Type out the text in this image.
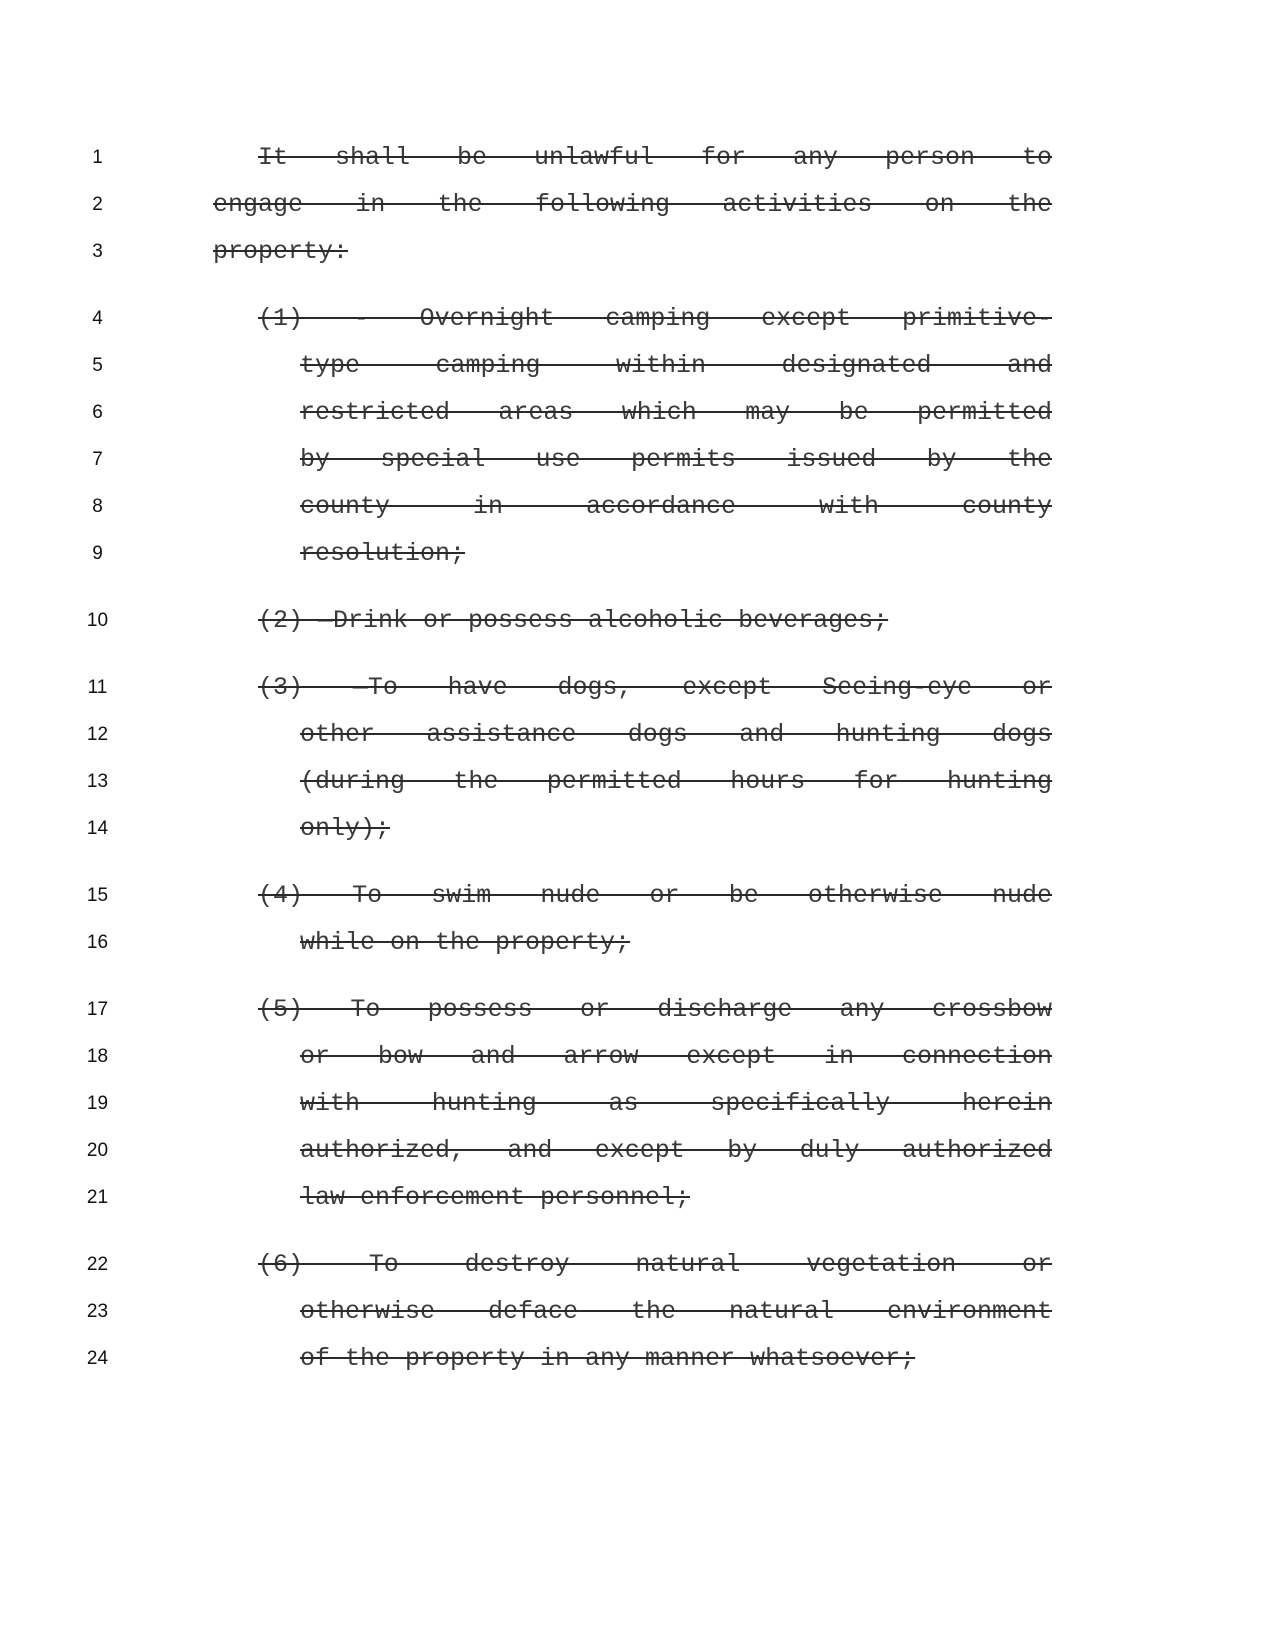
1
2
3
4
5
6
7
8
9
10
11
12
13
14
15
16
17
18
19
20
21
22
23
24
It shall be unlawful for any person to
engage in the following activities on the
property:
(1) - Overnight camping except primitive-
type camping within designated and
restricted areas which may be permitted
by special use permits issued by the
county in accordance with county
resolution;
(2) —Drink or possess alcoholic beverages;
(3) —To have dogs, except Seeing-eye or
other assistance dogs and hunting dogs
(during the permitted hours for hunting
only);
(4) To swim nude or be otherwise nude
while on the property;
(5) To possess or discharge any crossbow
or bow and arrow except in connection
with hunting as specifically herein
authorized, and except by duly authorized
law enforcement personnel;
(6) To destroy natural vegetation or
otherwise deface the natural environment
of the property in any manner whatsoever;
